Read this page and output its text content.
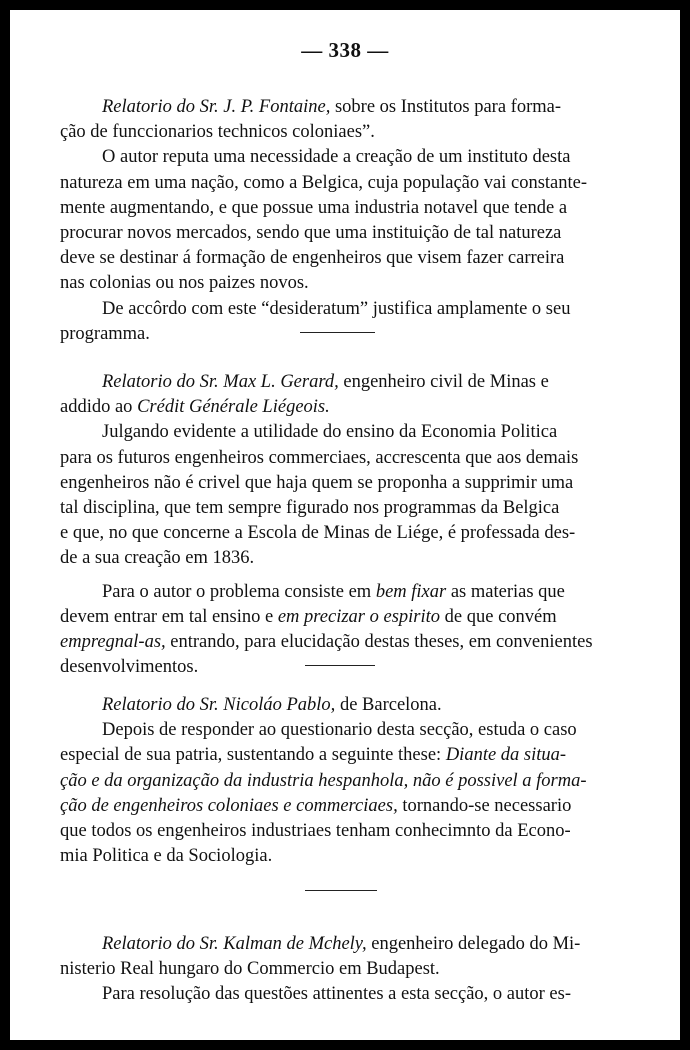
— 338 —

Relatorio do Sr. J. P. Fontaine, sobre os Institutos para forma-

ção de funccionarios technicos coloniaes”.

O autor reputa uma necessidade a creação de um instituto desta

natureza em uma nação, como a Belgica, cuja população vai constante-

mente augmentando, e que possue uma industria notavel que tende a

procurar novos mercados, sendo que uma instituição de tal natureza

deve se destinar á formação de engenheiros que visem fazer carreira

nas colonias ou nos paizes novos.

De accôrdo com este “desideratum” justifica amplamente o seu

programma.

Relatorio do Sr. Max L. Gerard, engenheiro civil de Minas e

addido ao Crédit Générale Liégeois.

Julgando evidente a utilidade do ensino da Economia Politica

para os futuros engenheiros commerciaes, accrescenta que aos demais

engenheiros não é crivel que haja quem se proponha a supprimir uma

tal disciplina, que tem sempre figurado nos programmas da Belgica

e que, no que concerne a Escola de Minas de Liége, é professada des-

de a sua creação em 1836.

Para o autor o problema consiste em bem fixar as materias que

devem entrar em tal ensino e em precizar o espirito de que convém

empregnal-as, entrando, para elucidação destas theses, em convenientes

desenvolvimentos.

Relatorio do Sr. Nicoláo Pablo, de Barcelona.

Depois de responder ao questionario desta secção, estuda o caso

especial de sua patria, sustentando a seguinte these: Diante da situa-

ção e da organização da industria hespanhola, não é possivel a forma-

ção de engenheiros coloniaes e commerciaes, tornando-se necessario

que todos os engenheiros industriaes tenham conhecimnto da Econo-

mia Politica e da Sociologia.

Relatorio do Sr. Kalman de Mchely, engenheiro delegado do Mi-

nisterio Real hungaro do Commercio em Budapest.

Para resolução das questões attinentes a esta secção, o autor es-
